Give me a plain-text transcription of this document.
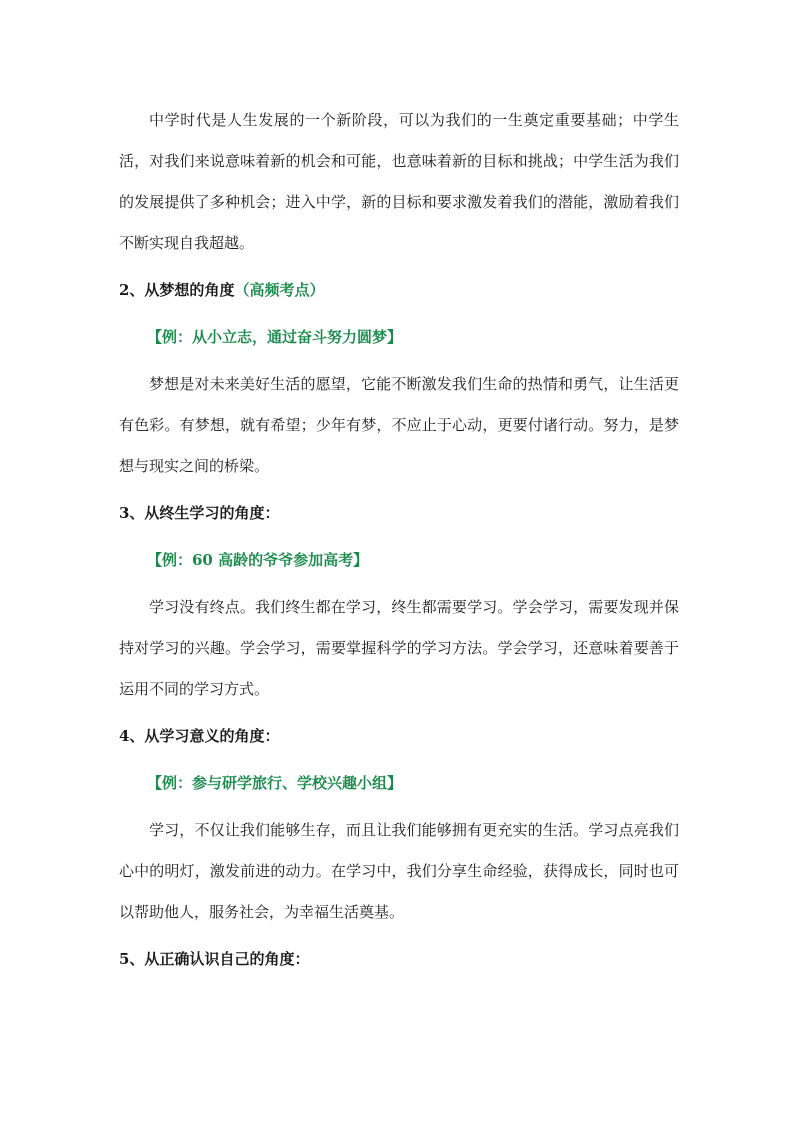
中学时代是人生发展的一个新阶段，可以为我们的一生奠定重要基础；中学生活，对我们来说意味着新的机会和可能，也意味着新的目标和挑战；中学生活为我们的发展提供了多种机会；进入中学，新的目标和要求激发着我们的潜能，激励着我们不断实现自我超越。

2、从梦想的角度（高频考点）
【例：从小立志，通过奋斗努力圆梦】

梦想是对未来美好生活的愿望，它能不断激发我们生命的热情和勇气，让生活更有色彩。有梦想，就有希望；少年有梦，不应止于心动，更要付诸行动。努力，是梦想与现实之间的桥梁。

3、从终生学习的角度：
【例：60 高龄的爷爷参加高考】

学习没有终点。我们终生都在学习，终生都需要学习。学会学习，需要发现并保持对学习的兴趣。学会学习，需要掌握科学的学习方法。学会学习，还意味着要善于运用不同的学习方式。

4、从学习意义的角度：
【例：参与研学旅行、学校兴趣小组】

学习，不仅让我们能够生存，而且让我们能够拥有更充实的生活。学习点亮我们心中的明灯，激发前进的动力。在学习中，我们分享生命经验，获得成长，同时也可以帮助他人，服务社会，为幸福生活奠基。

5、从正确认识自己的角度：
